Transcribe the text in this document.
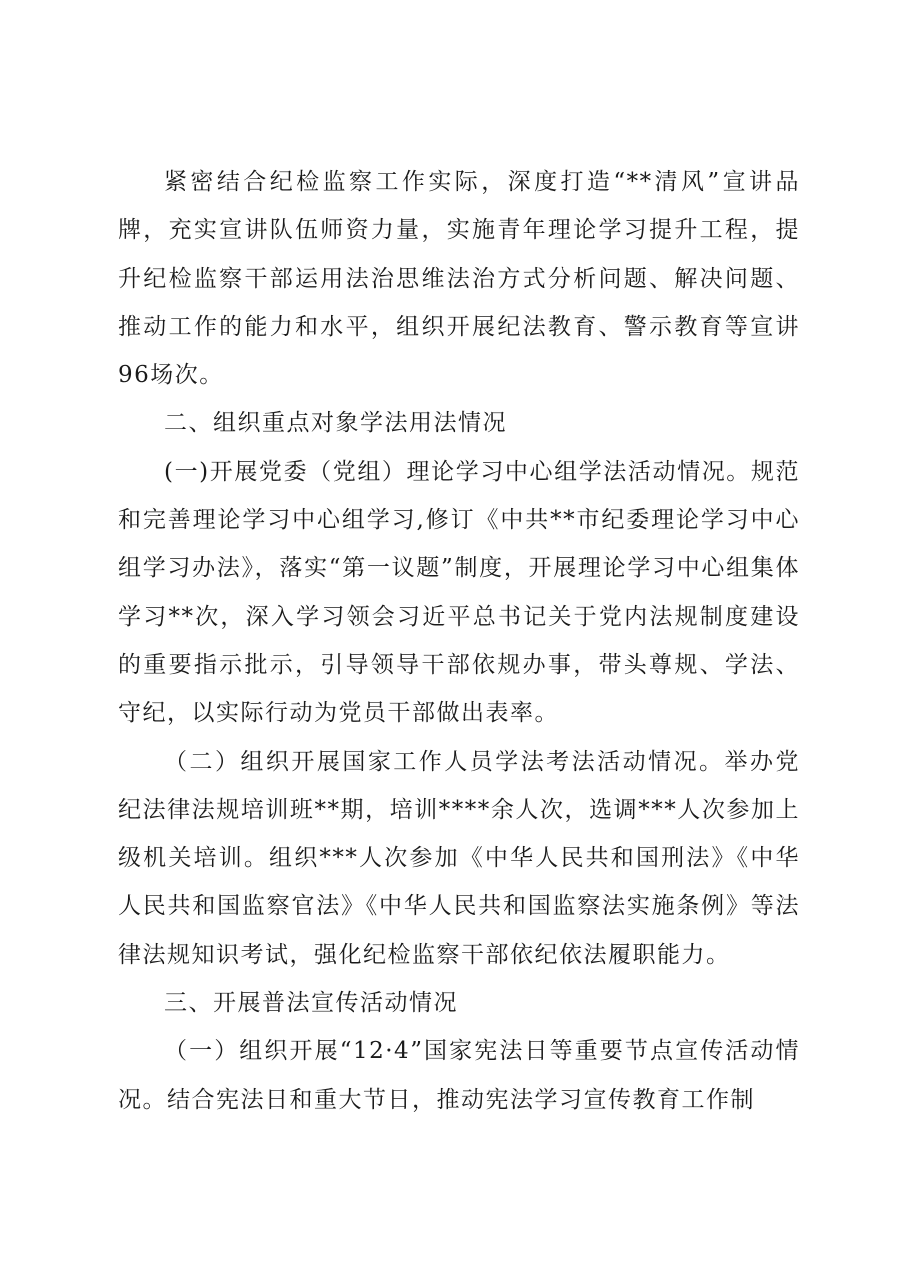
紧密结合纪检监察工作实际，深度打造“**清风”宣讲品牌，充实宣讲队伍师资力量，实施青年理论学习提升工程，提升纪检监察干部运用法治思维法治方式分析问题、解决问题、推动工作的能力和水平，组织开展纪法教育、警示教育等宣讲96场次。

二、组织重点对象学法用法情况

(一)开展党委（党组）理论学习中心组学法活动情况。规范和完善理论学习中心组学习,修订《中共**市纪委理论学习中心组学习办法》，落实“第一议题”制度，开展理论学习中心组集体学习**次，深入学习领会习近平总书记关于党内法规制度建设的重要指示批示，引导领导干部依规办事，带头尊规、学法、守纪，以实际行动为党员干部做出表率。

（二）组织开展国家工作人员学法考法活动情况。举办党纪法律法规培训班**期，培训****余人次，选调***人次参加上级机关培训。组织***人次参加《中华人民共和国刑法》《中华人民共和国监察官法》《中华人民共和国监察法实施条例》等法律法规知识考试，强化纪检监察干部依纪依法履职能力。

三、开展普法宣传活动情况

（一）组织开展“12·4”国家宪法日等重要节点宣传活动情况。结合宪法日和重大节日，推动宪法学习宣传教育工作制
